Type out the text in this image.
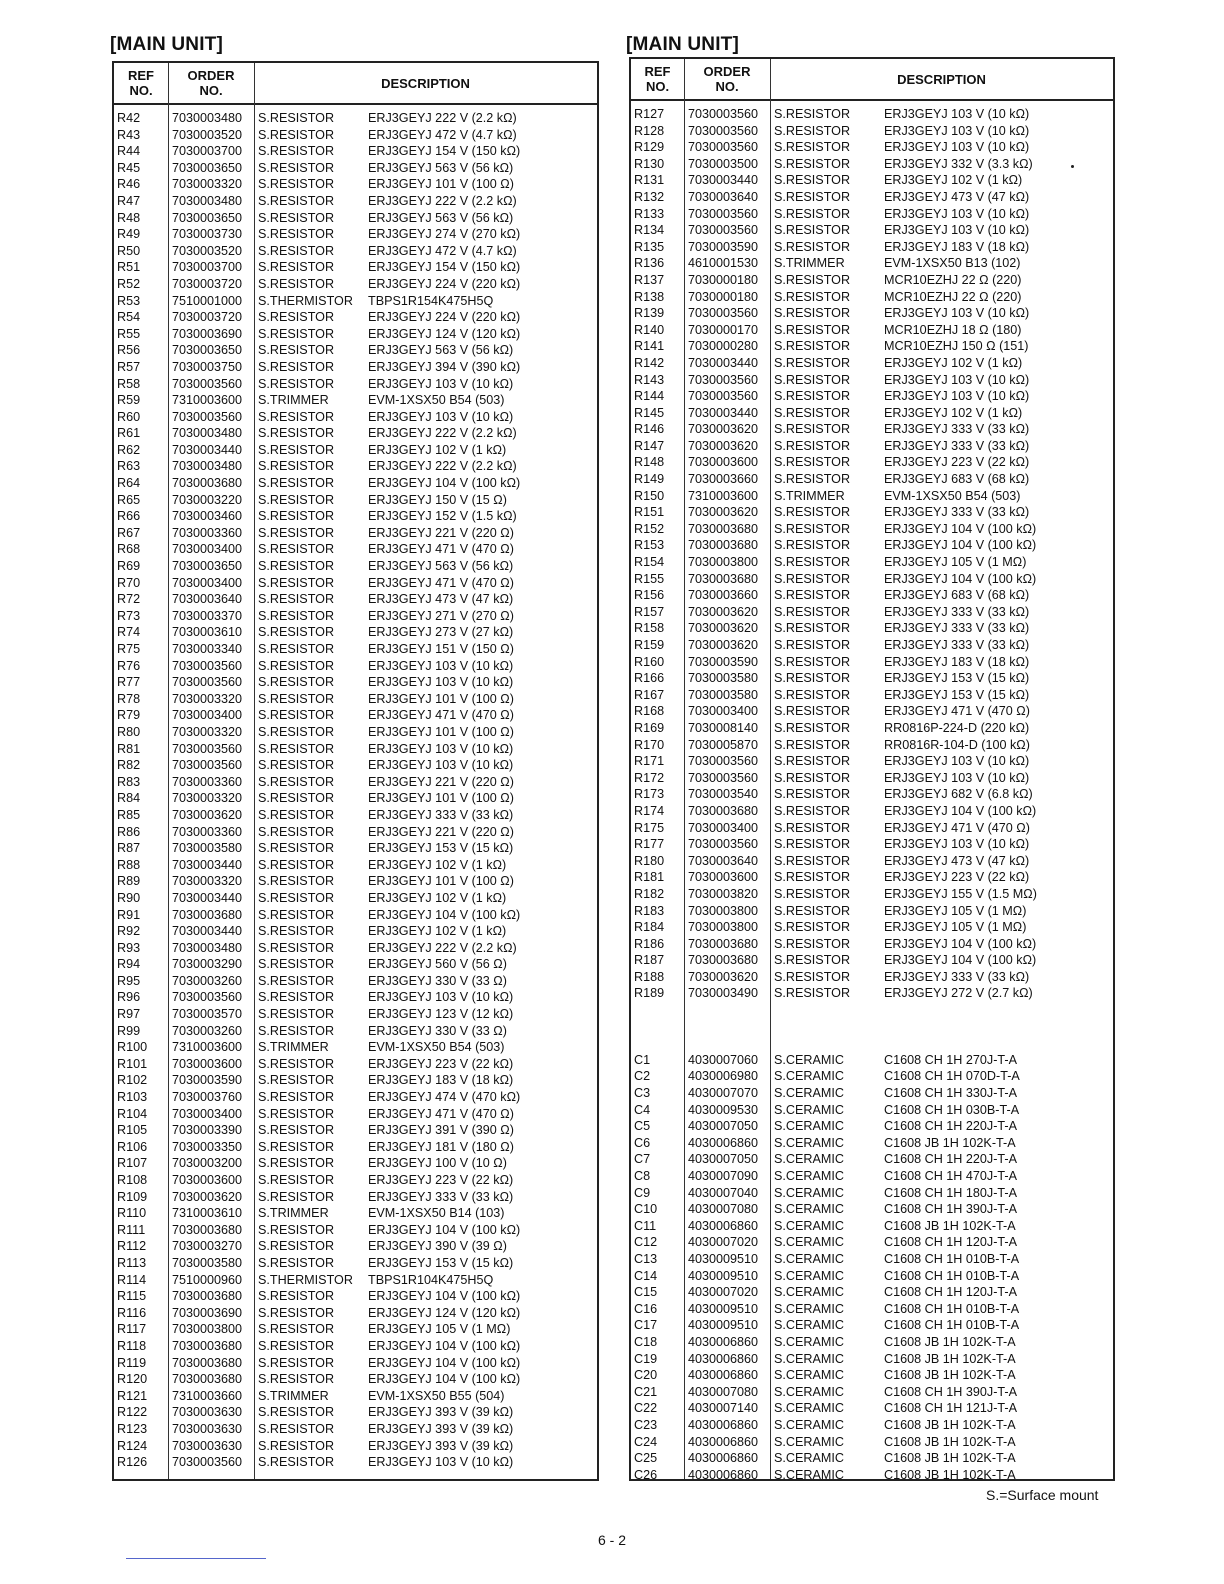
[MAIN UNIT]
REF
NO.
ORDER
NO.	DESCRIPTION
R42	7030003480 S.RESISTOR	ERJ3GEYJ 222 V (2.2 kΩ)
R43	7030003520 S.RESISTOR	ERJ3GEYJ 472 V (4.7 kΩ)
R44	7030003700 S.RESISTOR	ERJ3GEYJ 154 V (150 kΩ)
R45	7030003650 S.RESISTOR	ERJ3GEYJ 563 V (56 kΩ)
R46	7030003320 S.RESISTOR	ERJ3GEYJ 101 V (100 Ω)
R47	7030003480 S.RESISTOR	ERJ3GEYJ 222 V (2.2 kΩ)
R48	7030003650 S.RESISTOR	ERJ3GEYJ 563 V (56 kΩ)
R49	7030003730 S.RESISTOR	ERJ3GEYJ 274 V (270 kΩ)
R50	7030003520 S.RESISTOR	ERJ3GEYJ 472 V (4.7 kΩ)
R51	7030003700 S.RESISTOR	ERJ3GEYJ 154 V (150 kΩ)
R52	7030003720 S.RESISTOR	ERJ3GEYJ 224 V (220 kΩ)
R53	7510001000 S.THERMISTOR TBPS1R154K475H5Q
R54	7030003720 S.RESISTOR	ERJ3GEYJ 224 V (220 kΩ)
R55	7030003690 S.RESISTOR	ERJ3GEYJ 124 V (120 kΩ)
R56	7030003650 S.RESISTOR	ERJ3GEYJ 563 V (56 kΩ)
R57	7030003750 S.RESISTOR	ERJ3GEYJ 394 V (390 kΩ)
R58	7030003560 S.RESISTOR	ERJ3GEYJ 103 V (10 kΩ)
R59	7310003600 S.TRIMMER	EVM-1XSX50 B54 (503)
R60	7030003560 S.RESISTOR	ERJ3GEYJ 103 V (10 kΩ)
R61	7030003480 S.RESISTOR	ERJ3GEYJ 222 V (2.2 kΩ)
R62	7030003440 S.RESISTOR	ERJ3GEYJ 102 V (1 kΩ)
R63	7030003480 S.RESISTOR	ERJ3GEYJ 222 V (2.2 kΩ)
R64	7030003680 S.RESISTOR	ERJ3GEYJ 104 V (100 kΩ)
R65	7030003220 S.RESISTOR	ERJ3GEYJ 150 V (15 Ω)
R66	7030003460 S.RESISTOR	ERJ3GEYJ 152 V (1.5 kΩ)
R67	7030003360 S.RESISTOR	ERJ3GEYJ 221 V (220 Ω)
R68	7030003400 S.RESISTOR	ERJ3GEYJ 471 V (470 Ω)
R69	7030003650 S.RESISTOR	ERJ3GEYJ 563 V (56 kΩ)
R70	7030003400 S.RESISTOR	ERJ3GEYJ 471 V (470 Ω)
R72	7030003640 S.RESISTOR	ERJ3GEYJ 473 V (47 kΩ)
R73	7030003370 S.RESISTOR	ERJ3GEYJ 271 V (270 Ω)
R74	7030003610 S.RESISTOR	ERJ3GEYJ 273 V (27 kΩ)
R75	7030003340 S.RESISTOR	ERJ3GEYJ 151 V (150 Ω)
R76	7030003560 S.RESISTOR	ERJ3GEYJ 103 V (10 kΩ)
R77	7030003560 S.RESISTOR	ERJ3GEYJ 103 V (10 kΩ)
R78	7030003320 S.RESISTOR	ERJ3GEYJ 101 V (100 Ω)
R79	7030003400 S.RESISTOR	ERJ3GEYJ 471 V (470 Ω)
R80	7030003320 S.RESISTOR	ERJ3GEYJ 101 V (100 Ω)
R81	7030003560 S.RESISTOR	ERJ3GEYJ 103 V (10 kΩ)
R82	7030003560 S.RESISTOR	ERJ3GEYJ 103 V (10 kΩ)
R83	7030003360 S.RESISTOR	ERJ3GEYJ 221 V (220 Ω)
R84	7030003320 S.RESISTOR	ERJ3GEYJ 101 V (100 Ω)
R85	7030003620 S.RESISTOR	ERJ3GEYJ 333 V (33 kΩ)
R86	7030003360 S.RESISTOR	ERJ3GEYJ 221 V (220 Ω)
R87	7030003580 S.RESISTOR	ERJ3GEYJ 153 V (15 kΩ)
R88	7030003440 S.RESISTOR	ERJ3GEYJ 102 V (1 kΩ)
R89	7030003320 S.RESISTOR	ERJ3GEYJ 101 V (100 Ω)
R90	7030003440 S.RESISTOR	ERJ3GEYJ 102 V (1 kΩ)
R91	7030003680 S.RESISTOR	ERJ3GEYJ 104 V (100 kΩ)
R92	7030003440 S.RESISTOR	ERJ3GEYJ 102 V (1 kΩ)
R93	7030003480 S.RESISTOR	ERJ3GEYJ 222 V (2.2 kΩ)
R94	7030003290 S.RESISTOR	ERJ3GEYJ 560 V (56 Ω)
R95	7030003260 S.RESISTOR	ERJ3GEYJ 330 V (33 Ω)
R96	7030003560 S.RESISTOR	ERJ3GEYJ 103 V (10 kΩ)
R97	7030003570 S.RESISTOR	ERJ3GEYJ 123 V (12 kΩ)
R99	7030003260 S.RESISTOR	ERJ3GEYJ 330 V (33 Ω)
R100 7310003600 S.TRIMMER	EVM-1XSX50 B54 (503)
R101 7030003600 S.RESISTOR	ERJ3GEYJ 223 V (22 kΩ)
R102 7030003590 S.RESISTOR	ERJ3GEYJ 183 V (18 kΩ)
R103 7030003760 S.RESISTOR	ERJ3GEYJ 474 V (470 kΩ)
R104 7030003400 S.RESISTOR	ERJ3GEYJ 471 V (470 Ω)
R105 7030003390 S.RESISTOR	ERJ3GEYJ 391 V (390 Ω)
R106 7030003350 S.RESISTOR	ERJ3GEYJ 181 V (180 Ω)
R107 7030003200 S.RESISTOR	ERJ3GEYJ 100 V (10 Ω)
R108 7030003600 S.RESISTOR	ERJ3GEYJ 223 V (22 kΩ)
R109 7030003620 S.RESISTOR	ERJ3GEYJ 333 V (33 kΩ)
R110 7310003610 S.TRIMMER	EVM-1XSX50 B14 (103)
R111 7030003680 S.RESISTOR	ERJ3GEYJ 104 V (100 kΩ)
R112 7030003270 S.RESISTOR	ERJ3GEYJ 390 V (39 Ω)
R113 7030003580 S.RESISTOR	ERJ3GEYJ 153 V (15 kΩ)
R114 7510000960 S.THERMISTOR TBPS1R104K475H5Q
R115 7030003680 S.RESISTOR	ERJ3GEYJ 104 V (100 kΩ)
R116 7030003690 S.RESISTOR	ERJ3GEYJ 124 V (120 kΩ)
R117 7030003800 S.RESISTOR	ERJ3GEYJ 105 V (1 MΩ)
R118 7030003680 S.RESISTOR	ERJ3GEYJ 104 V (100 kΩ)
R119 7030003680 S.RESISTOR	ERJ3GEYJ 104 V (100 kΩ)
R120 7030003680 S.RESISTOR	ERJ3GEYJ 104 V (100 kΩ)
R121 7310003660 S.TRIMMER	EVM-1XSX50 B55 (504)
R122 7030003630 S.RESISTOR	ERJ3GEYJ 393 V (39 kΩ)
R123 7030003630 S.RESISTOR	ERJ3GEYJ 393 V (39 kΩ)
R124 7030003630 S.RESISTOR	ERJ3GEYJ 393 V (39 kΩ)
R126 7030003560 S.RESISTOR	ERJ3GEYJ 103 V (10 kΩ)
[MAIN UNIT]
REF
NO.
ORDER
NO.	DESCRIPTION
R127 7030003560 S.RESISTOR	ERJ3GEYJ 103 V (10 kΩ)
R128 7030003560 S.RESISTOR	ERJ3GEYJ 103 V (10 kΩ)
R129 7030003560 S.RESISTOR	ERJ3GEYJ 103 V (10 kΩ)
R130 7030003500 S.RESISTOR	ERJ3GEYJ 332 V (3.3 kΩ)
R131 7030003440 S.RESISTOR	ERJ3GEYJ 102 V (1 kΩ)
R132 7030003640 S.RESISTOR	ERJ3GEYJ 473 V (47 kΩ)
R133 7030003560 S.RESISTOR	ERJ3GEYJ 103 V (10 kΩ)
R134 7030003560 S.RESISTOR	ERJ3GEYJ 103 V (10 kΩ)
R135 7030003590 S.RESISTOR	ERJ3GEYJ 183 V (18 kΩ)
R136 4610001530 S.TRIMMER	EVM-1XSX50 B13 (102)
R137 7030000180 S.RESISTOR	MCR10EZHJ 22 Ω (220)
R138 7030000180 S.RESISTOR	MCR10EZHJ 22 Ω (220)
R139 7030003560 S.RESISTOR	ERJ3GEYJ 103 V (10 kΩ)
R140 7030000170 S.RESISTOR	MCR10EZHJ 18 Ω (180)
R141 7030000280 S.RESISTOR	MCR10EZHJ 150 Ω (151)
R142 7030003440 S.RESISTOR	ERJ3GEYJ 102 V (1 kΩ)
R143 7030003560 S.RESISTOR	ERJ3GEYJ 103 V (10 kΩ)
R144 7030003560 S.RESISTOR	ERJ3GEYJ 103 V (10 kΩ)
R145 7030003440 S.RESISTOR	ERJ3GEYJ 102 V (1 kΩ)
R146 7030003620 S.RESISTOR	ERJ3GEYJ 333 V (33 kΩ)
R147 7030003620 S.RESISTOR	ERJ3GEYJ 333 V (33 kΩ)
R148 7030003600 S.RESISTOR	ERJ3GEYJ 223 V (22 kΩ)
R149 7030003660 S.RESISTOR	ERJ3GEYJ 683 V (68 kΩ)
R150 7310003600 S.TRIMMER	EVM-1XSX50 B54 (503)
R151 7030003620 S.RESISTOR	ERJ3GEYJ 333 V (33 kΩ)
R152 7030003680 S.RESISTOR	ERJ3GEYJ 104 V (100 kΩ)
R153 7030003680 S.RESISTOR	ERJ3GEYJ 104 V (100 kΩ)
R154 7030003800 S.RESISTOR	ERJ3GEYJ 105 V (1 MΩ)
R155 7030003680 S.RESISTOR	ERJ3GEYJ 104 V (100 kΩ)
R156 7030003660 S.RESISTOR	ERJ3GEYJ 683 V (68 kΩ)
R157 7030003620 S.RESISTOR	ERJ3GEYJ 333 V (33 kΩ)
R158 7030003620 S.RESISTOR	ERJ3GEYJ 333 V (33 kΩ)
R159 7030003620 S.RESISTOR	ERJ3GEYJ 333 V (33 kΩ)
R160 7030003590 S.RESISTOR	ERJ3GEYJ 183 V (18 kΩ)
R166 7030003580 S.RESISTOR	ERJ3GEYJ 153 V (15 kΩ)
R167 7030003580 S.RESISTOR	ERJ3GEYJ 153 V (15 kΩ)
R168 7030003400 S.RESISTOR	ERJ3GEYJ 471 V (470 Ω)
R169 7030008140 S.RESISTOR	RR0816P-224-D (220 kΩ)
R170 7030005870 S.RESISTOR	RR0816R-104-D (100 kΩ)
R171 7030003560 S.RESISTOR	ERJ3GEYJ 103 V (10 kΩ)
R172 7030003560 S.RESISTOR	ERJ3GEYJ 103 V (10 kΩ)
R173 7030003540 S.RESISTOR	ERJ3GEYJ 682 V (6.8 kΩ)
R174 7030003680 S.RESISTOR	ERJ3GEYJ 104 V (100 kΩ)
R175 7030003400 S.RESISTOR	ERJ3GEYJ 471 V (470 Ω)
R177 7030003560 S.RESISTOR	ERJ3GEYJ 103 V (10 kΩ)
R180 7030003640 S.RESISTOR	ERJ3GEYJ 473 V (47 kΩ)
R181 7030003600 S.RESISTOR	ERJ3GEYJ 223 V (22 kΩ)
R182 7030003820 S.RESISTOR	ERJ3GEYJ 155 V (1.5 MΩ)
R183 7030003800 S.RESISTOR	ERJ3GEYJ 105 V (1 MΩ)
R184 7030003800 S.RESISTOR	ERJ3GEYJ 105 V (1 MΩ)
R186 7030003680 S.RESISTOR	ERJ3GEYJ 104 V (100 kΩ)
R187 7030003680 S.RESISTOR	ERJ3GEYJ 104 V (100 kΩ)
R188 7030003620 S.RESISTOR	ERJ3GEYJ 333 V (33 kΩ)
R189 7030003490 S.RESISTOR	ERJ3GEYJ 272 V (2.7 kΩ)
C1	4030007060 S.CERAMIC	C1608 CH 1H 270J-T-A
C2	4030006980 S.CERAMIC	C1608 CH 1H 070D-T-A
C3	4030007070 S.CERAMIC	C1608 CH 1H 330J-T-A
C4	4030009530 S.CERAMIC	C1608 CH 1H 030B-T-A
C5	4030007050 S.CERAMIC	C1608 CH 1H 220J-T-A
C6	4030006860 S.CERAMIC	C1608 JB 1H 102K-T-A
C7	4030007050 S.CERAMIC	C1608 CH 1H 220J-T-A
C8	4030007090 S.CERAMIC	C1608 CH 1H 470J-T-A
C9	4030007040 S.CERAMIC	C1608 CH 1H 180J-T-A
C10 4030007080 S.CERAMIC	C1608 CH 1H 390J-T-A
C11	4030006860 S.CERAMIC	C1608 JB 1H 102K-T-A
C12 4030007020 S.CERAMIC	C1608 CH 1H 120J-T-A
C13 4030009510 S.CERAMIC	C1608 CH 1H 010B-T-A
C14 4030009510 S.CERAMIC	C1608 CH 1H 010B-T-A
C15 4030007020 S.CERAMIC	C1608 CH 1H 120J-T-A
C16 4030009510 S.CERAMIC	C1608 CH 1H 010B-T-A
C17 4030009510 S.CERAMIC	C1608 CH 1H 010B-T-A
C18 4030006860 S.CERAMIC	C1608 JB 1H 102K-T-A
C19 4030006860 S.CERAMIC	C1608 JB 1H 102K-T-A
C20 4030006860 S.CERAMIC	C1608 JB 1H 102K-T-A
C21 4030007080 S.CERAMIC	C1608 CH 1H 390J-T-A
C22 4030007140 S.CERAMIC	C1608 CH 1H 121J-T-A
C23 4030006860 S.CERAMIC	C1608 JB 1H 102K-T-A
C24 4030006860 S.CERAMIC	C1608 JB 1H 102K-T-A
C25 4030006860 S.CERAMIC	C1608 JB 1H 102K-T-A
C26 4030006860 S.CERAMIC	C1608 JB 1H 102K-T-A
S.=Surface mount
6 - 2
